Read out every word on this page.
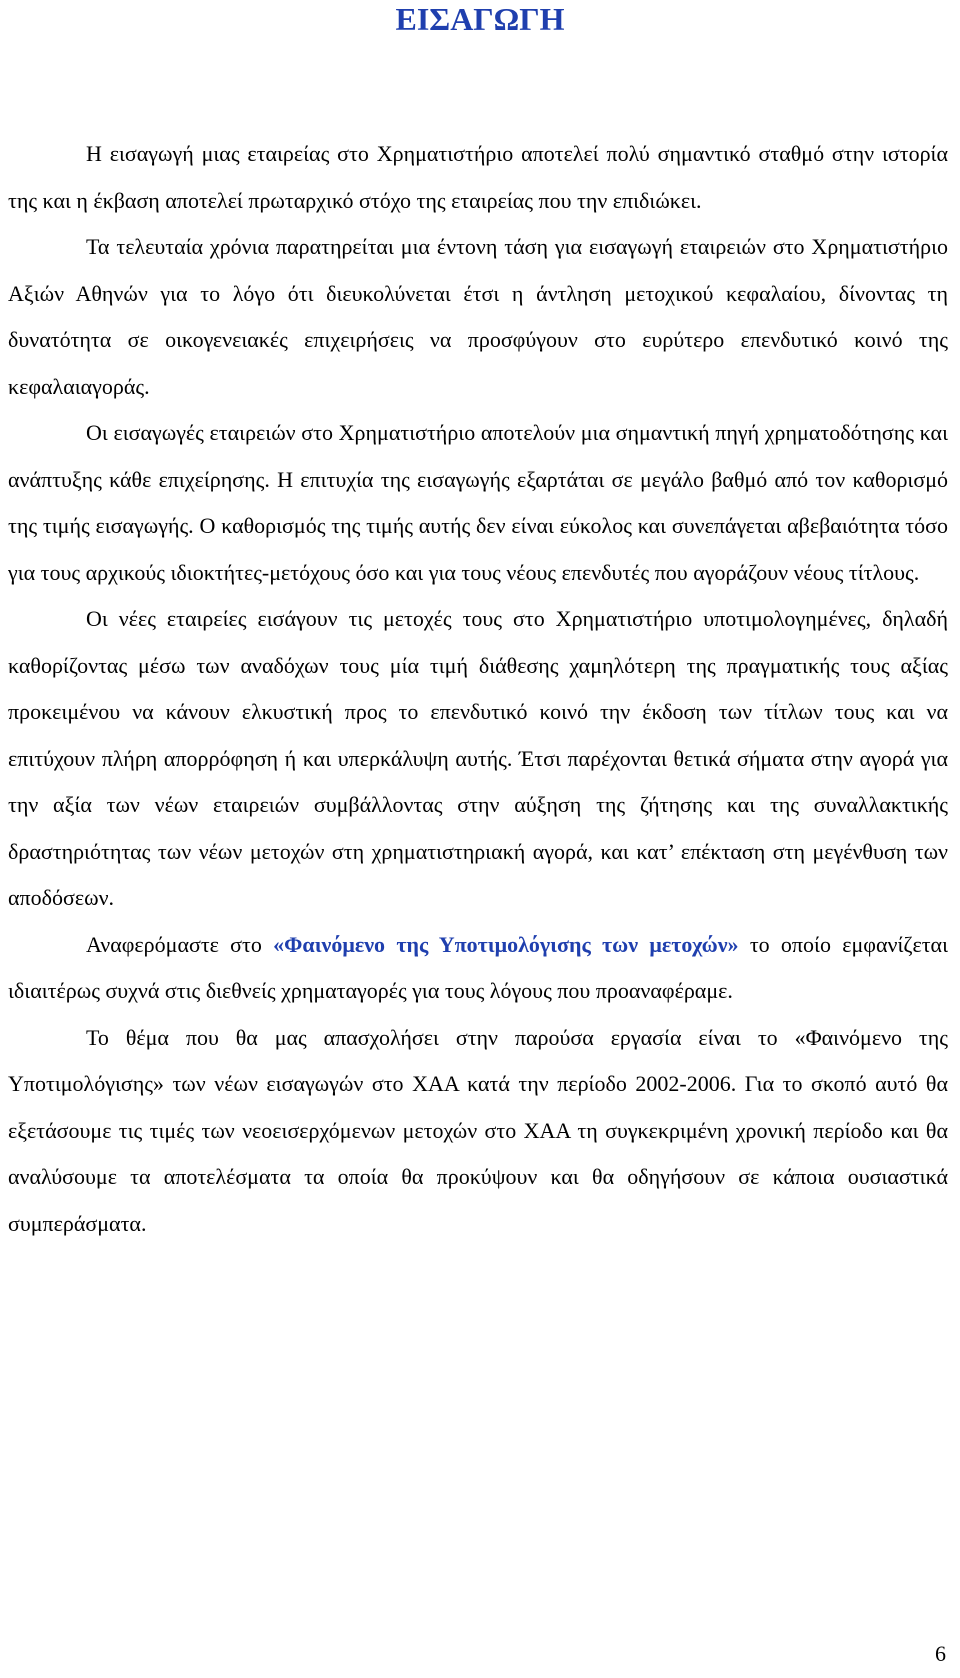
ΕΙΣΑΓΩΓΗ

Η εισαγωγή μιας εταιρείας στο Χρηματιστήριο αποτελεί πολύ σημαντικό σταθμό στην ιστορία της και η έκβαση αποτελεί πρωταρχικό στόχο της εταιρείας που την επιδιώκει.

Τα τελευταία χρόνια παρατηρείται μια έντονη τάση για εισαγωγή εταιρειών στο Χρηματιστήριο Αξιών Αθηνών για το λόγο ότι διευκολύνεται έτσι η άντληση μετοχικού κεφαλαίου, δίνοντας τη δυνατότητα σε οικογενειακές επιχειρήσεις να προσφύγουν στο ευρύτερο επενδυτικό κοινό της κεφαλαιαγοράς.

Οι εισαγωγές εταιρειών στο Χρηματιστήριο αποτελούν μια σημαντική πηγή χρηματοδότησης και ανάπτυξης κάθε επιχείρησης. Η επιτυχία της εισαγωγής εξαρτάται σε μεγάλο βαθμό από τον καθορισμό της τιμής εισαγωγής. Ο καθορισμός της τιμής αυτής δεν είναι εύκολος και συνεπάγεται αβεβαιότητα τόσο για τους αρχικούς ιδιοκτήτες-μετόχους όσο και για τους νέους επενδυτές που αγοράζουν νέους τίτλους.

Οι νέες εταιρείες εισάγουν τις μετοχές τους στο Χρηματιστήριο υποτιμολογημένες, δηλαδή καθορίζοντας μέσω των αναδόχων τους μία τιμή διάθεσης χαμηλότερη της πραγματικής τους αξίας προκειμένου να κάνουν ελκυστική προς το επενδυτικό κοινό την έκδοση των τίτλων τους και να επιτύχουν πλήρη απορρόφηση ή και υπερκάλυψη αυτής. Έτσι παρέχονται θετικά σήματα στην αγορά για την αξία των νέων εταιρειών συμβάλλοντας στην αύξηση της ζήτησης και της συναλλακτικής δραστηριότητας των νέων μετοχών στη χρηματιστηριακή αγορά, και κατ’ επέκταση στη μεγένθυση των αποδόσεων.

Αναφερόμαστε στο «Φαινόμενο της Υποτιμολόγισης των μετοχών» το οποίο εμφανίζεται ιδιαιτέρως συχνά στις διεθνείς χρηματαγορές για τους λόγους που προαναφέραμε.

Το θέμα που θα μας απασχολήσει στην παρούσα εργασία είναι το «Φαινόμενο της Υποτιμολόγισης» των νέων εισαγωγών στο ΧΑΑ κατά την περίοδο 2002-2006. Για το σκοπό αυτό θα εξετάσουμε τις τιμές των νεοεισερχόμενων μετοχών στο ΧΑΑ τη συγκεκριμένη χρονική περίοδο και θα αναλύσουμε τα αποτελέσματα τα οποία θα προκύψουν και θα οδηγήσουν σε κάποια ουσιαστικά συμπεράσματα.

6
